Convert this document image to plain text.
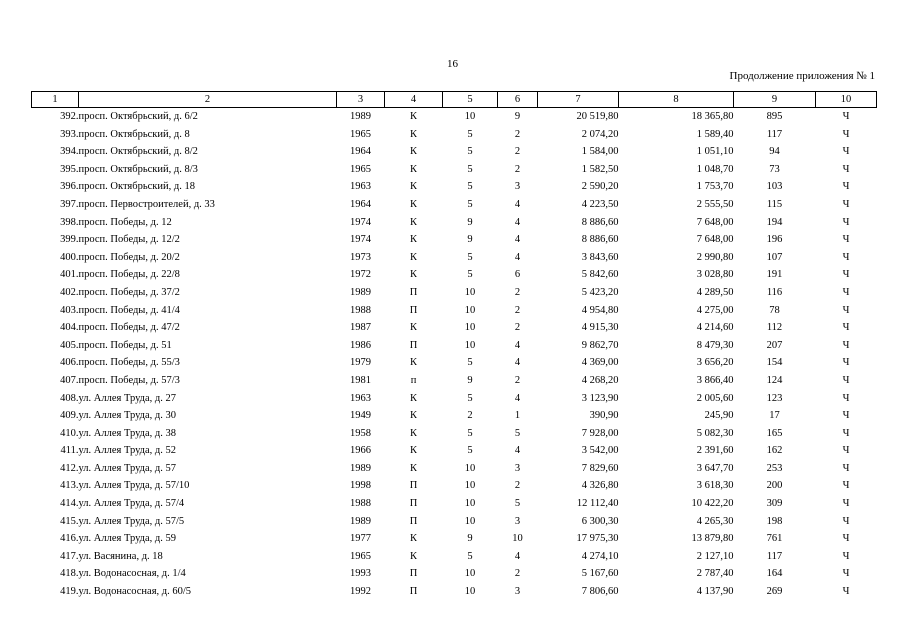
16
Продолжение приложения № 1
1	2	3	4	5	6	7	8	9	10
392.	просп. Октябрьский, д. 6/2	1989	К	10	9	20 519,80	18 365,80	895	Ч
393.	просп. Октябрьский, д. 8	1965	К	5	2	2 074,20	1 589,40	117	Ч
394.	просп. Октябрьский, д. 8/2	1964	К	5	2	1 584,00	1 051,10	94	Ч
395.	просп. Октябрьский, д. 8/3	1965	К	5	2	1 582,50	1 048,70	73	Ч
396.	просп. Октябрьский, д. 18	1963	К	5	3	2 590,20	1 753,70	103	Ч
397.	просп. Первостроителей, д. 33	1964	К	5	4	4 223,50	2 555,50	115	Ч
398.	просп. Победы, д. 12	1974	К	9	4	8 886,60	7 648,00	194	Ч
399.	просп. Победы, д. 12/2	1974	К	9	4	8 886,60	7 648,00	196	Ч
400.	просп. Победы, д. 20/2	1973	К	5	4	3 843,60	2 990,80	107	Ч
401.	просп. Победы, д. 22/8	1972	К	5	6	5 842,60	3 028,80	191	Ч
402.	просп. Победы, д. 37/2	1989	П	10	2	5 423,20	4 289,50	116	Ч
403.	просп. Победы, д. 41/4	1988	П	10	2	4 954,80	4 275,00	78	Ч
404.	просп. Победы, д. 47/2	1987	К	10	2	4 915,30	4 214,60	112	Ч
405.	просп. Победы, д. 51	1986	П	10	4	9 862,70	8 479,30	207	Ч
406.	просп. Победы, д. 55/3	1979	К	5	4	4 369,00	3 656,20	154	Ч
407.	просп. Победы, д. 57/3	1981	п	9	2	4 268,20	3 866,40	124	Ч
408.	ул. Аллея Труда, д. 27	1963	К	5	4	3 123,90	2 005,60	123	Ч
409.	ул. Аллея Труда, д. 30	1949	К	2	1	390,90	245,90	17	Ч
410.	ул. Аллея Труда, д. 38	1958	К	5	5	7 928,00	5 082,30	165	Ч
411.	ул. Аллея Труда, д. 52	1966	К	5	4	3 542,00	2 391,60	162	Ч
412.	ул. Аллея Труда, д. 57	1989	К	10	3	7 829,60	3 647,70	253	Ч
413.	ул. Аллея Труда, д. 57/10	1998	П	10	2	4 326,80	3 618,30	200	Ч
414.	ул. Аллея Труда, д. 57/4	1988	П	10	5	12 112,40	10 422,20	309	Ч
415.	ул. Аллея Труда, д. 57/5	1989	П	10	3	6 300,30	4 265,30	198	Ч
416.	ул. Аллея Труда, д. 59	1977	К	9	10	17 975,30	13 879,80	761	Ч
417.	ул. Васянина, д. 18	1965	К	5	4	4 274,10	2 127,10	117	Ч
418.	ул. Водонасосная, д. 1/4	1993	П	10	2	5 167,60	2 787,40	164	Ч
419.	ул. Водонасосная, д. 60/5	1992	П	10	3	7 806,60	4 137,90	269	Ч
